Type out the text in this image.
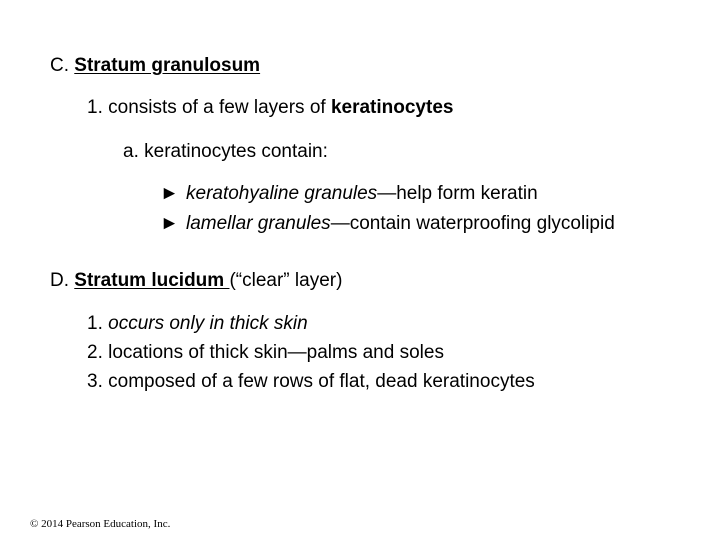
C. Stratum granulosum
1. consists of a few layers of keratinocytes
a. keratinocytes contain:
► keratohyaline granules—help form keratin
► lamellar granules—contain waterproofing glycolipid
D. Stratum lucidum (“clear” layer)
1. occurs only in thick skin
2. locations of thick skin—palms and soles
3. composed of a few rows of flat, dead keratinocytes
© 2014 Pearson Education, Inc.
